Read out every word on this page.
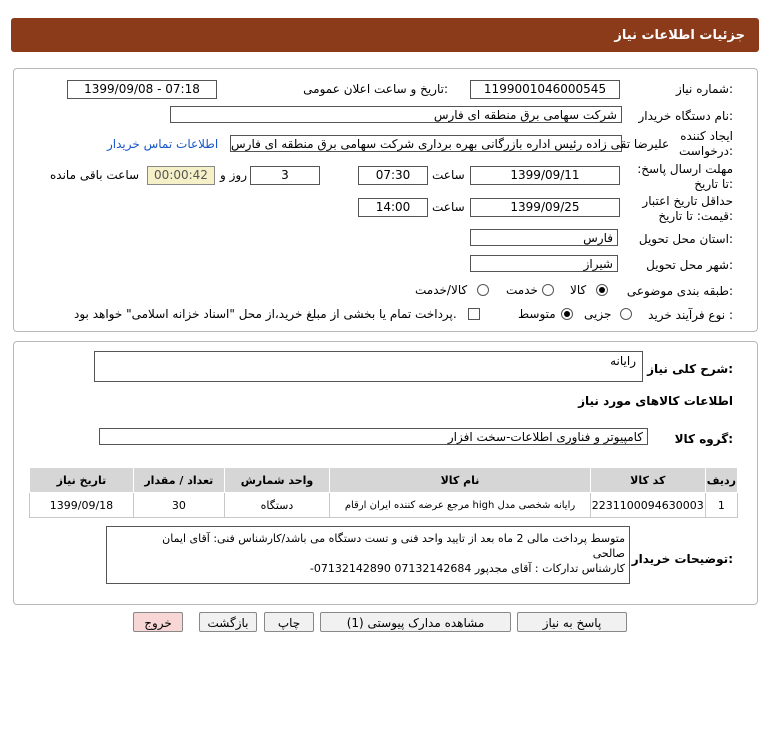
جزئیات اطلاعات نیاز
شماره نیاز:
1199001046000545
تاریخ و ساعت اعلان عمومی:
1399/09/08 - 07:18
نام دستگاه خریدار:
شرکت سهامی برق منطقه ای فارس
ایجاد کننده درخواست:
علیرضا تقی زاده رئیس اداره بازرگانی بهره برداری شرکت سهامی برق منطقه ای فارس
اطلاعات تماس خریدار
مهلت ارسال پاسخ: تا تاریخ:
1399/09/11
ساعت
07:30
3
روز و
00:00:42
ساعت باقی مانده
حداقل تاریخ اعتبار قیمت: تا تاریخ:
1399/09/25
ساعت
14:00
استان محل تحویل:
فارس
شهر محل تحویل:
شیراز
طبقه بندی موضوعی:
کالا
خدمت
کالا/خدمت
نوع فرآیند خرید :
جزیی
متوسط
پرداخت تمام یا بخشی از مبلغ خرید،از محل "اسناد خزانه اسلامی" خواهد بود.
شرح کلی نیاز:
رایانه
اطلاعات کالاهای مورد نیاز
گروه کالا:
کامپیوتر و فناوری اطلاعات-سخت افزار
ردیف	کد کالا	نام کالا	واحد شمارش	تعداد / مقدار	تاریخ نیاز
1	2231100094630003	رایانه شخصی مدل high مرجع عرضه کننده ایران ارقام	دستگاه	30	1399/09/18
توضیحات خریدار:
متوسط پرداخت مالی 2 ماه بعد از تایید واحد فنی و تست دستگاه می باشد/کارشناس فنی: آقای ایمان
صالحی
-07132142890 کارشناس تدارکات : آقای مجدپور 07132142684
پاسخ به نیاز
مشاهده مدارک پیوستی (1)
چاپ
بازگشت
خروج
